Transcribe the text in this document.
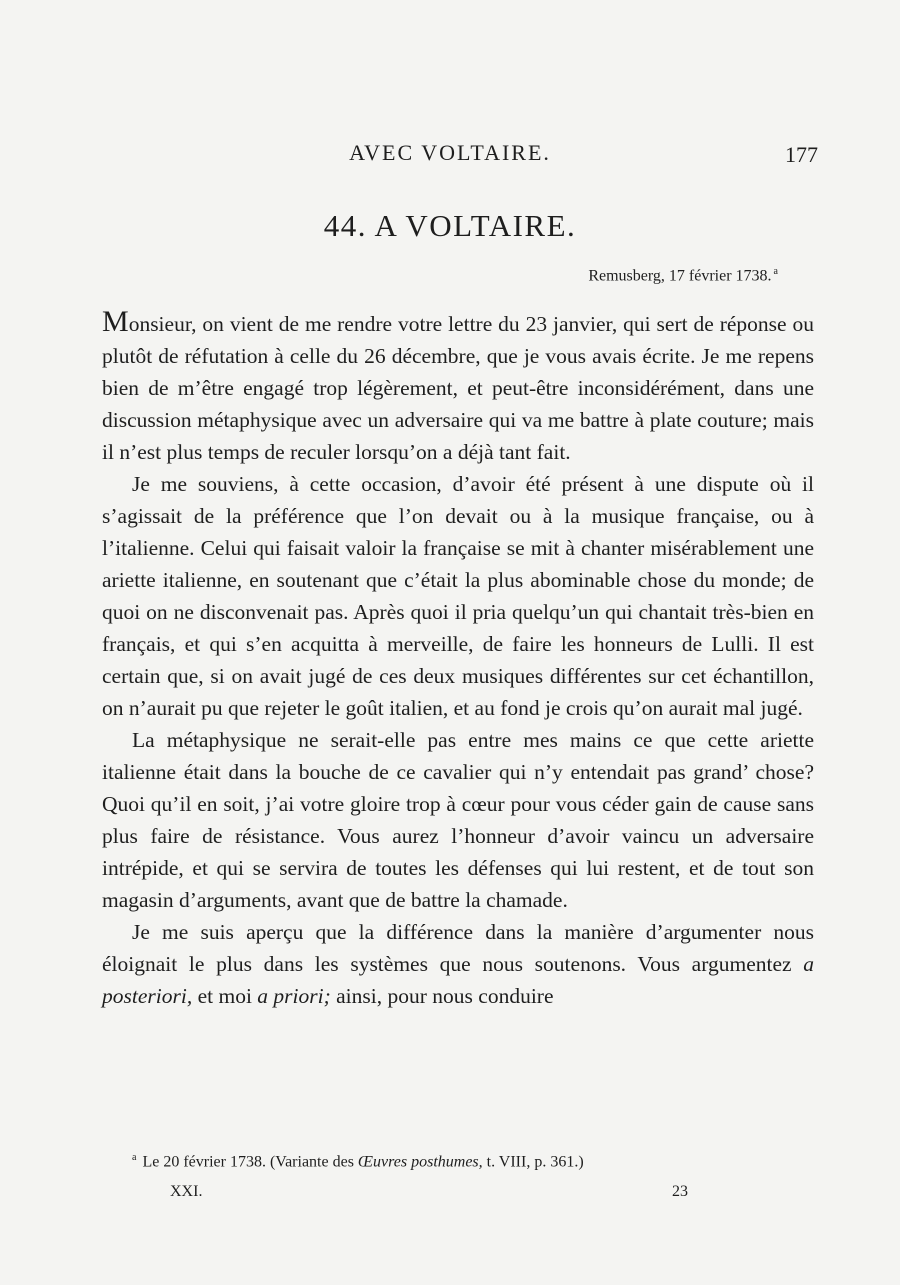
AVEC VOLTAIRE.	177
44. A VOLTAIRE.
Remusberg, 17 février 1738. $^a$

Monsieur, on vient de me rendre votre lettre du 23 janvier, qui sert de réponse ou plutôt de réfutation à celle du 26 décembre, que je vous avais écrite. Je me repens bien de m’être engagé trop légèrement, et peut-être inconsidérément, dans une discussion métaphysique avec un adversaire qui va me battre à plate couture; mais il n’est plus temps de reculer lorsqu’on a déjà tant fait.

Je me souviens, à cette occasion, d’avoir été présent à une dispute où il s’agissait de la préférence que l’on devait ou à la musique française, ou à l’italienne. Celui qui faisait valoir la française se mit à chanter misérablement une ariette italienne, en soutenant que c’était la plus abominable chose du monde; de quoi on ne disconvenait pas. Après quoi il pria quelqu’un qui chantait très-bien en français, et qui s’en acquitta à merveille, de faire les honneurs de Lulli. Il est certain que, si on avait jugé de ces deux musiques différentes sur cet échantillon, on n’aurait pu que rejeter le goût italien, et au fond je crois qu’on aurait mal jugé.

La métaphysique ne serait-elle pas entre mes mains ce que cette ariette italienne était dans la bouche de ce cavalier qui n’y entendait pas grand’ chose? Quoi qu’il en soit, j’ai votre gloire trop à cœur pour vous céder gain de cause sans plus faire de résistance. Vous aurez l’honneur d’avoir vaincu un adversaire intrépide, et qui se servira de toutes les défenses qui lui restent, et de tout son magasin d’arguments, avant que de battre la chamade.

Je me suis aperçu que la différence dans la manière d’argumenter nous éloignait le plus dans les systèmes que nous soutenons. Vous argumentez a posteriori, et moi a priori; ainsi, pour nous conduire

$^a$ Le 20 février 1738. (Variante des Œuvres posthumes, t. VIII, p. 361.)
XXI.	23
